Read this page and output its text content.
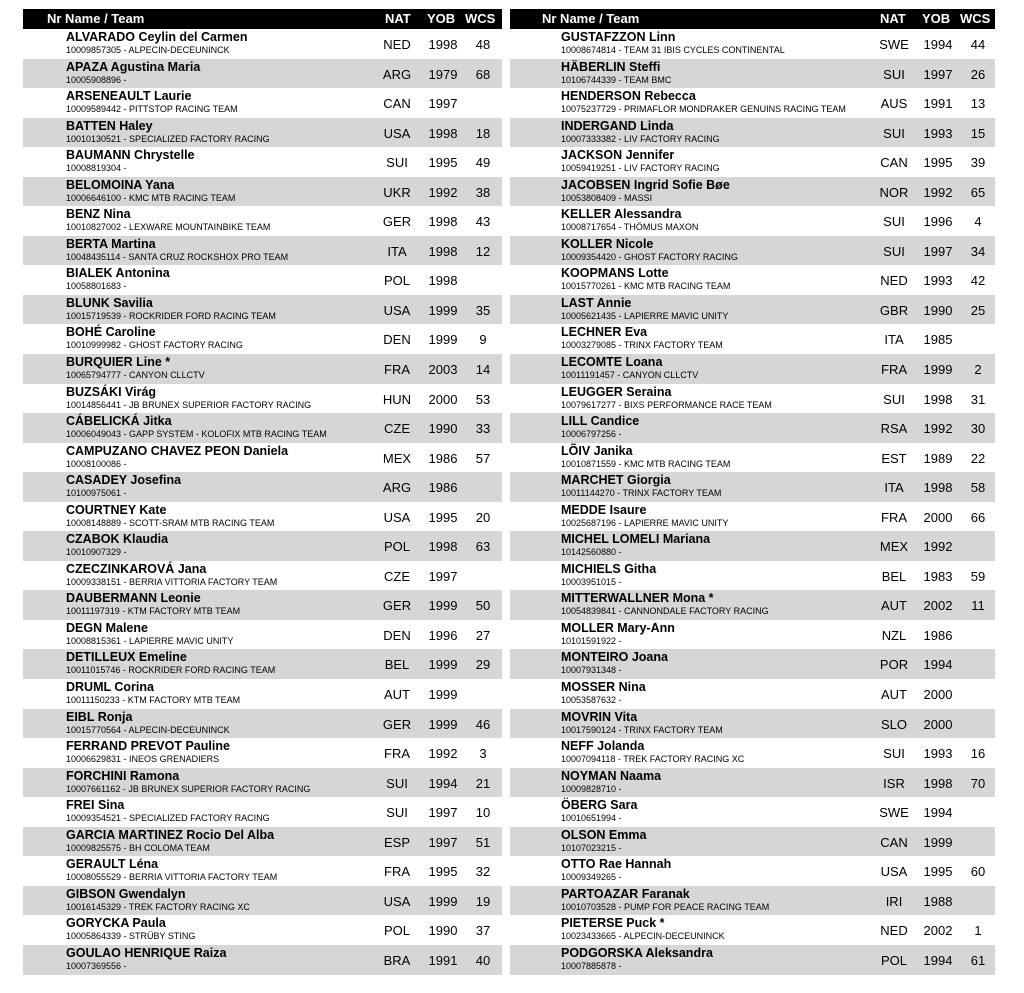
Nr Name / Team	NAT YOB WCS
ALVARADO Ceylin del Carmen
10009857305 - ALPECIN-DECEUNINCK	NED	1998	48
APAZA Agustina Maria
10005908896 -	ARG	1979	68
ARSENEAULT Laurie
10009589442 - PITTSTOP RACING TEAM	CAN	1997
BATTEN Haley
10010130521 - SPECIALIZED FACTORY RACING	USA	1998	18
BAUMANN Chrystelle
10008819304 -	SUI	1995	49
BELOMOINA Yana
10006646100 - KMC MTB RACING TEAM	UKR	1992	38
BENZ Nina
10010827002 - LEXWARE MOUNTAINBIKE TEAM	GER	1998	43
BERTA Martina
10048435114 - SANTA CRUZ ROCKSHOX PRO TEAM	ITA	1998	12
BIALEK Antonina
10058801683 -	POL	1998
BLUNK Savilia
10015719539 - ROCKRIDER FORD RACING TEAM	USA	1999	35
BOHÉ Caroline
10010999982 - GHOST FACTORY RACING	DEN	1999	9
BURQUIER Line *
10065794777 - CANYON CLLCTV	FRA	2003	14
BUZSÁKI Virág
10014856441 - JB BRUNEX SUPERIOR FACTORY RACING	HUN	2000	53
CÁBELICKÁ Jitka
10006049043 - GAPP SYSTEM - KOLOFIX MTB RACING TEAM	CZE	1990	33
CAMPUZANO CHAVEZ PEON Daniela
10008100086 -	MEX	1986	57
CASADEY Josefina
10100975061 -	ARG	1986
COURTNEY Kate
10008148889 - SCOTT-SRAM MTB RACING TEAM	USA	1995	20
CZABOK Klaudia
10010907329 -	POL	1998	63
CZECZINKAROVÁ Jana
10009338151 - BERRIA VITTORIA FACTORY TEAM	CZE	1997
DAUBERMANN Leonie
10011197319 - KTM FACTORY MTB TEAM	GER	1999	50
DEGN Malene
10008815361 - LAPIERRE MAVIC UNITY	DEN	1996	27
DETILLEUX Emeline
10011015746 - ROCKRIDER FORD RACING TEAM	BEL	1999	29
DRUML Corina
10011150233 - KTM FACTORY MTB TEAM	AUT	1999
EIBL Ronja
10015770564 - ALPECIN-DECEUNINCK	GER	1999	46
FERRAND PREVOT Pauline
10006629831 - INEOS GRENADIERS	FRA	1992	3
FORCHINI Ramona
10007661162 - JB BRUNEX SUPERIOR FACTORY RACING	SUI	1994	21
FREI Sina
10009354521 - SPECIALIZED FACTORY RACING	SUI	1997	10
GARCIA MARTINEZ Rocio Del Alba
10009825575 - BH COLOMA TEAM	ESP	1997	51
GERAULT Léna
10008055529 - BERRIA VITTORIA FACTORY TEAM	FRA	1995	32
GIBSON Gwendalyn
10016145329 - TREK FACTORY RACING XC	USA	1999	19
GORYCKA Paula
10005864339 - STRÜBY STING	POL	1990	37
GOULAO HENRIQUE Raiza
10007369556 -	BRA	1991	40
Nr Name / Team	NAT YOB WCS
GUSTAFZZON Linn
10008674814 - TEAM 31 IBIS CYCLES CONTINENTAL	SWE	1994	44
HÄBERLIN Steffi
10106744339 - TEAM BMC	SUI	1997	26
HENDERSON Rebecca
10075237729 - PRIMAFLOR MONDRAKER GENUINS RACING TEAM	AUS	1991	13
INDERGAND Linda
10007333382 - LIV FACTORY RACING	SUI	1993	15
JACKSON Jennifer
10059419251 - LIV FACTORY RACING	CAN	1995	39
JACOBSEN Ingrid Sofie Bøe
10053808409 - MASSI	NOR	1992	65
KELLER Alessandra
10008717654 - THÖMUS MAXON	SUI	1996	4
KOLLER Nicole
10009354420 - GHOST FACTORY RACING	SUI	1997	34
KOOPMANS Lotte
10015770261 - KMC MTB RACING TEAM	NED	1993	42
LAST Annie
10005621435 - LAPIERRE MAVIC UNITY	GBR	1990	25
LECHNER Eva
10003279085 - TRINX FACTORY TEAM	ITA	1985
LECOMTE Loana
10011191457 - CANYON CLLCTV	FRA	1999	2
LEUGGER Seraina
10079617277 - BIXS PERFORMANCE RACE TEAM	SUI	1998	31
LILL Candice
10006797256 -	RSA	1992	30
LÕIV Janika
10010871559 - KMC MTB RACING TEAM	EST	1989	22
MARCHET Giorgia
10011144270 - TRINX FACTORY TEAM	ITA	1998	58
MEDDE Isaure
10025687196 - LAPIERRE MAVIC UNITY	FRA	2000	66
MICHEL LOMELI Mariana
10142560880 -	MEX	1992
MICHIELS Githa
10003951015 -	BEL	1983	59
MITTERWALLNER Mona *
10054839841 - CANNONDALE FACTORY RACING	AUT	2002	11
MOLLER Mary-Ann
10101591922 -	NZL	1986
MONTEIRO Joana
10007931348 -	POR	1994
MOSSER Nina
10053587632 -	AUT	2000
MOVRIN Vita
10017590124 - TRINX FACTORY TEAM	SLO	2000
NEFF Jolanda
10007094118 - TREK FACTORY RACING XC	SUI	1993	16
NOYMAN Naama
10009828710 -	ISR	1998	70
ÖBERG Sara
10010651994 -	SWE	1994
OLSON Emma
10107023215 -	CAN	1999
OTTO Rae Hannah
10009349265 -	USA	1995	60
PARTOAZAR Faranak
10010703528 - PUMP FOR PEACE RACING TEAM	IRI	1988
PIETERSE Puck *
10023433665 - ALPECIN-DECEUNINCK	NED	2002	1
PODGORSKA Aleksandra
10007885878 -	POL	1994	61
